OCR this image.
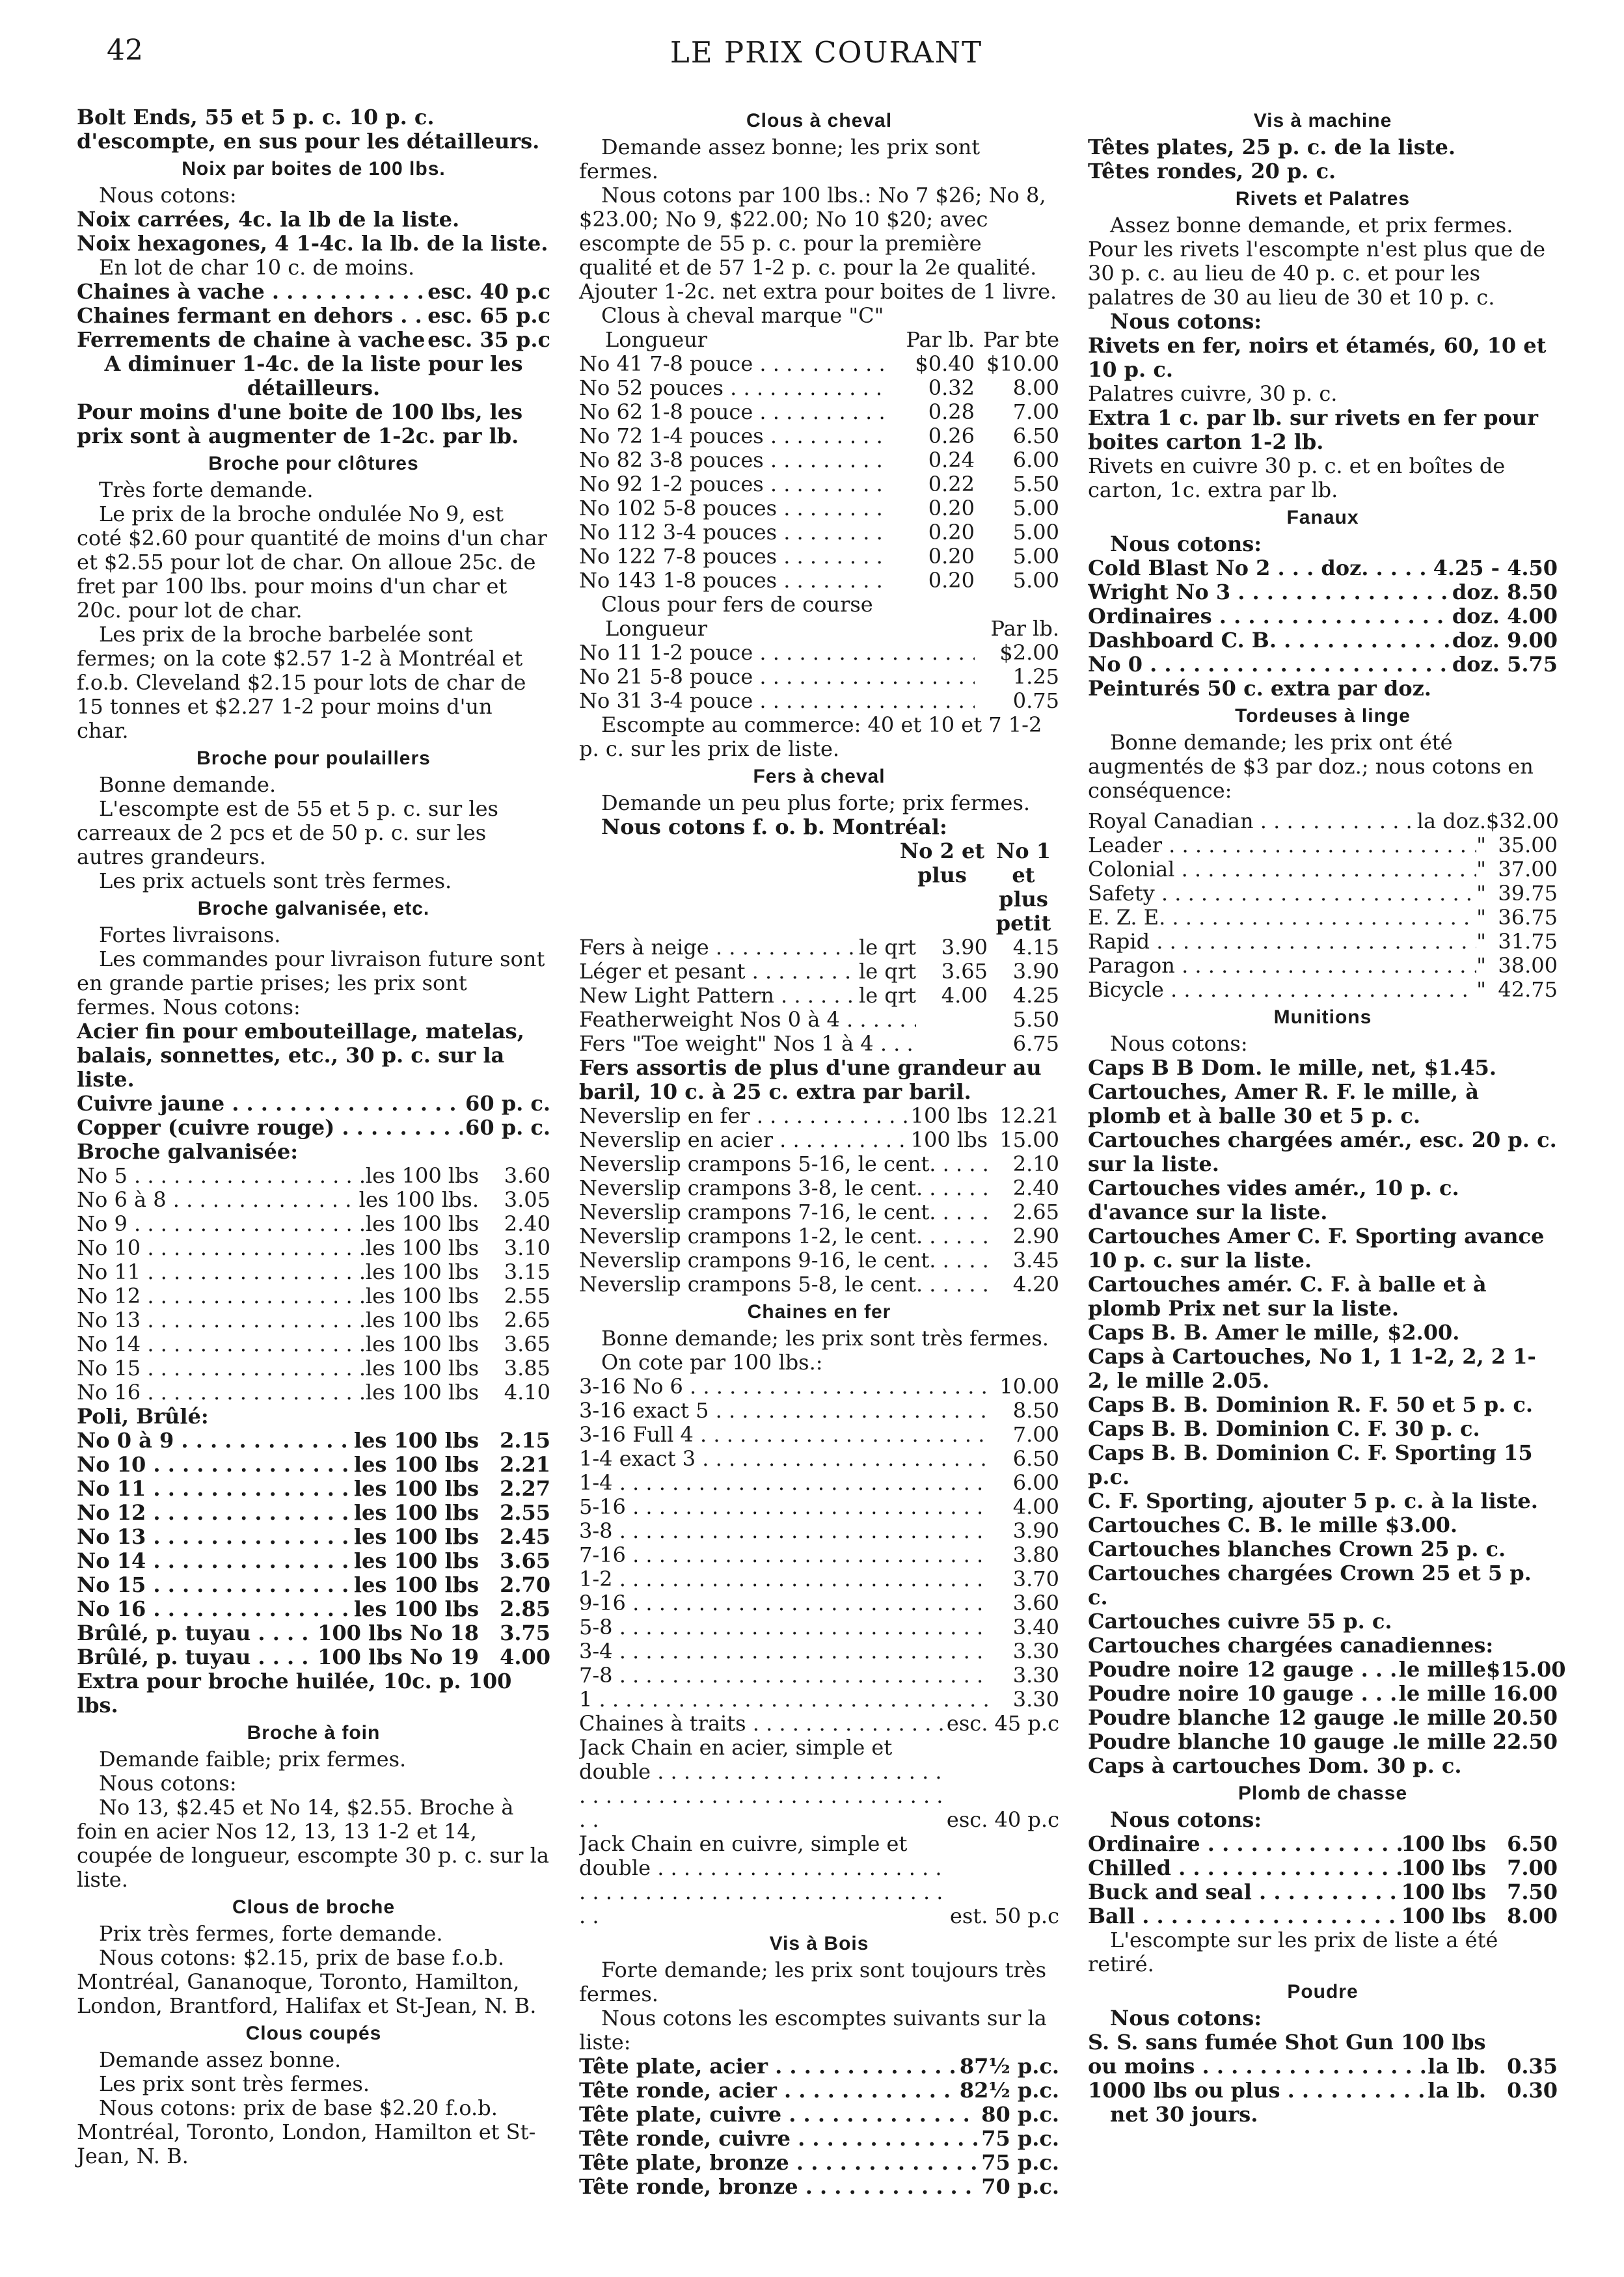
42	LE PRIX COURANT

Bolt Ends, 55 et 5 p. c. 10 p. c. d'escompte, en sus pour les détailleurs.

Noix par boites de 100 lbs.

Nous cotons:

Noix carrées, 4c. la lb de la liste.

Noix hexagones, 4 1-4c. la lb. de la liste.

En lot de char 10 c. de moins.

Chaines à vache . . .	esc. 40 p.c
Chaines fermant en dehors . . .	esc. 65 p.c
Ferrements de chaine à vache . . . esc. 35 p.c

A diminuer 1-4c. de la liste pour les détailleurs.

Pour moins d'une boite de 100 lbs, les prix sont à augmenter de 1-2c. par lb.

Broche pour clôtures

Très forte demande.

Le prix de la broche ondulée No 9, est coté $2.60 pour quantité de moins d'un char et $2.55 pour lot de char. On alloue 25c. de fret par 100 lbs. pour moins d'un char et 20c. pour lot de char.

Les prix de la broche barbelée sont fermes; on la cote $2.57 1-2 à Montréal et f.o.b. Cleveland $2.15 pour lots de char de 15 tonnes et $2.27 1-2 pour moins d'un char.

Broche pour poulaillers

Bonne demande.

L'escompte est de 55 et 5 p. c. sur les carreaux de 2 pcs et de 50 p. c. sur les autres grandeurs.

Les prix actuels sont très fermes.

Broche galvanisée, etc.

Fortes livraisons.

Les commandes pour livraison future sont en grande partie prises; les prix sont fermes. Nous cotons:

Acier fin pour embouteillage, matelas, balais, sonnettes, etc., 30 p. c. sur la liste.

Cuivre jaune . . .	60 p. c.
Copper (cuivre rouge) . . .	60 p. c.

Broche galvanisée:

No 5 . . .	les 100 lbs	3.60
No 6 à 8 . . .	les 100 lbs.	3.05
No 9 . . .	les 100 lbs	2.40
No 10 . . .	les 100 lbs	3.10
No 11 . . .	les 100 lbs	3.15
No 12 . . .	les 100 lbs	2.55
No 13 . . .	les 100 lbs	2.65
No 14 . . .	les 100 lbs	3.65
No 15 . . .	les 100 lbs	3.85
No 16 . . .	les 100 lbs	4.10

Poli, Brûlé:

No 0 à 9 . . .	les 100 lbs	2.15
No 10 . . .	les 100 lbs	2.21
No 11 . . .	les 100 lbs	2.27
No 12 . . .	les 100 lbs	2.55
No 13 . . .	les 100 lbs	2.45
No 14 . . .	les 100 lbs	3.65
No 15 . . .	les 100 lbs	2.70
No 16 . . .	les 100 lbs	2.85
Brûlé, p. tuyau . . .	100 lbs No 18	3.75
Brûlé, p. tuyau . . .	100 lbs No 19	4.00

Extra pour broche huilée, 10c. p. 100 lbs.

Broche à foin

Demande faible; prix fermes.

Nous cotons:

No 13, $2.45 et No 14, $2.55. Broche à foin en acier Nos 12, 13, 13 1-2 et 14, coupée de longueur, escompte 30 p. c. sur la liste.

Clous de broche

Prix très fermes, forte demande.

Nous cotons: $2.15, prix de base f.o.b. Montréal, Gananoque, Toronto, Hamilton, London, Brantford, Halifax et St-Jean, N. B.

Clous coupés

Demande assez bonne.

Les prix sont très fermes.

Nous cotons: prix de base $2.20 f.o.b. Montréal, Toronto, London, Hamilton et St-Jean, N. B.

Clous à cheval

Demande assez bonne; les prix sont fermes.

Nous cotons par 100 lbs.: No 7 $26; No 8, $23.00; No 9, $22.00; No 10 $20; avec escompte de 55 p. c. pour la première qualité et de 57 1-2 p. c. pour la 2e qualité. Ajouter 1-2c. net extra pour boites de 1 livre.

Clous à cheval marque "C"

Longueur	Par lb. Par bte
No 4 1 7-8 pouce . . .	$0.40 $10.00
No 5 2 pouces . . .	0.32	8.00
No 6 2 1-8 pouce . . .	0.28	7.00
No 7 2 1-4 pouces . . .	0.26	6.50
No 8 2 3-8 pouces . . .	0.24	6.00
No 9 2 1-2 pouces . . .	0.22	5.50
No 10 2 5-8 pouces . . .	0.20	5.00
No 11 2 3-4 pouces . . .	0.20	5.00
No 12 2 7-8 pouces . . .	0.20	5.00
No 14 3 1-8 pouces . . .	0.20	5.00

Clous pour fers de course

Longueur	Par lb.
No 1 1 1-2 pouce . . .	$2.00
No 2 1 5-8 pouce . . .	1.25
No 3 1 3-4 pouce . . .	0.75

Escompte au commerce: 40 et 10 et 7 1-2 p. c. sur les prix de liste.

Fers à cheval

Demande un peu plus forte; prix fermes.

Nous cotons f. o. b. Montréal:

No 2 et plus
No 1 et plus petit
Fers à neige . . .	le qrt	3.90	4.15
Léger et pesant . . .	le qrt	3.65	3.90
New Light Pattern . . .	le qrt	4.00	4.25
Featherweight Nos 0 à 4 . . .	5.50
Fers "Toe weight" Nos 1 à 4 . . .	6.75

Fers assortis de plus d'une grandeur au baril, 10 c. à 25 c. extra par baril.

Neverslip en fer . . .	100 lbs 12.21
Neverslip en acier . . .	100 lbs 15.00
Neverslip crampons 5-16, le cent. . . .	2.10
Neverslip crampons 3-8, le cent. . . .	2.40
Neverslip crampons 7-16, le cent. . . .	2.65
Neverslip crampons 1-2, le cent. . . .	2.90
Neverslip crampons 9-16, le cent. . . .	3.45
Neverslip crampons 5-8, le cent. . . .	4.20
Chaines en fer

Bonne demande; les prix sont très fermes.

On cote par 100 lbs.:

3-16 No 6 . . .	10.00
3-16 exact 5 . . .	8.50
3-16 Full 4 . . .	7.00
1-4 exact 3 . . .	6.50
1-4 . . .	6.00
5-16 . . .	4.00
3-8 . . .	3.90
7-16 . . .	3.80
1-2 . . .	3.70
9-16 . . .	3.60
5-8 . . .	3.40
3-4 . . .	3.30
7-8 . . .	3.30
1 . . .	3.30
Chaines à traits . . .	esc. 45 p.c
Jack Chain en acier, simple et double . . .
esc. 40 p.c
Jack Chain en cuivre, simple et double . . .
est. 50 p.c
Vis à Bois

Forte demande; les prix sont toujours très fermes.

Nous cotons les escomptes suivants sur la liste:

Tête plate, acier . . .	87½ p.c.
Tête ronde, acier . . .	82½ p.c.
Tête plate, cuivre . . .	80 p.c.
Tête ronde, cuivre . . .	75 p.c.
Tête plate, bronze . . .	75 p.c.
Tête ronde, bronze . . .	70 p.c.
Vis à machine

Têtes plates, 25 p. c. de la liste.

Têtes rondes, 20 p. c.

Rivets et Palatres

Assez bonne demande, et prix fermes. Pour les rivets l'escompte n'est plus que de 30 p. c. au lieu de 40 p. c. et pour les palatres de 30 au lieu de 30 et 10 p. c.

Nous cotons:

Rivets en fer, noirs et étamés, 60, 10 et 10 p. c.

Palatres cuivre, 30 p. c.

Extra 1 c. par lb. sur rivets en fer pour boites carton 1-2 lb.

Rivets en cuivre 30 p. c. et en boîtes de carton, 1c. extra par lb.

Fanaux

Nous cotons:

Cold Blast No 2 . . . doz. . . .	4.25 - 4.50
Wright No 3 . . .	doz. 8.50
Ordinaires . . .	doz. 4.00
Dashboard C. B. . . .	doz. 9.00
No 0 . . .	doz. 5.75

Peinturés 50 c. extra par doz.

Tordeuses à linge

Bonne demande; les prix ont été augmentés de $3 par doz.; nous cotons en conséquence:

Royal Canadian . . .	la doz. $32.00
Leader . . .	" 35.00
Colonial . . .	" 37.00
Safety . . .	" 39.75
E. Z. E. . . .	" 36.75
Rapid . . .	" 31.75
Paragon . . .	" 38.00
Bicycle . . .	" 42.75
Munitions

Nous cotons:

Caps B B Dom. le mille, net, $1.45.

Cartouches, Amer R. F. le mille, à plomb et à balle 30 et 5 p. c.

Cartouches chargées amér., esc. 20 p. c. sur la liste.

Cartouches vides amér., 10 p. c. d'avance sur la liste.

Cartouches Amer C. F. Sporting avance 10 p. c. sur la liste.

Cartouches amér. C. F. à balle et à plomb Prix net sur la liste.

Caps B. B. Amer le mille, $2.00.

Caps à Cartouches, No 1, 1 1-2, 2, 2 1-2, le mille 2.05.

Caps B. B. Dominion R. F. 50 et 5 p. c.

Caps B. B. Dominion C. F. 30 p. c.

Caps B. B. Dominion C. F. Sporting 15 p.c.

C. F. Sporting, ajouter 5 p. c. à la liste.

Cartouches C. B. le mille $3.00.

Cartouches blanches Crown 25 p. c.

Cartouches chargées Crown 25 et 5 p. c.

Cartouches cuivre 55 p. c.

Cartouches chargées canadiennes:

Poudre noire 12 gauge . . .	le mille $15.00
Poudre noire 10 gauge . . .	le mille 16.00
Poudre blanche 12 gauge . . . le mille 20.50
Poudre blanche 10 gauge . . . le mille 22.50

Caps à cartouches Dom. 30 p. c.

Plomb de chasse

Nous cotons:

Ordinaire . . .	100 lbs	6.50
Chilled . . .	100 lbs	7.00
Buck and seal . . .	100 lbs	7.50
Ball . . .	100 lbs	8.00

L'escompte sur les prix de liste a été retiré.

Poudre

Nous cotons:

S. S. sans fumée Shot Gun 100 lbs

ou moins . . .	la lb.	0.35
1000 lbs ou plus . . .	la lb.	0.30

net 30 jours.
